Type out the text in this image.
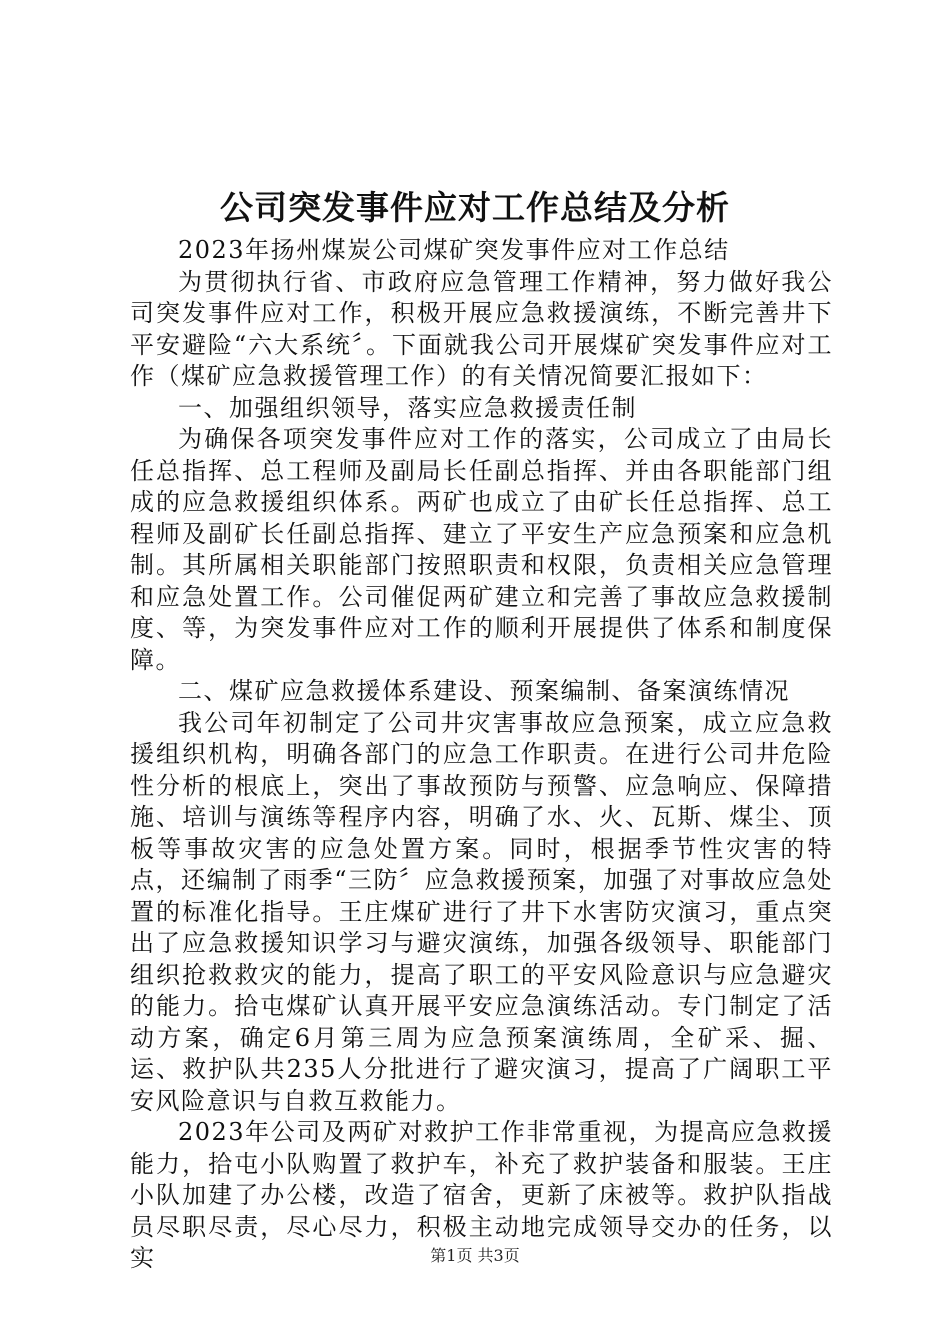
公司突发事件应对工作总结及分析

2023年扬州煤炭公司煤矿突发事件应对工作总结

为贯彻执行省、市政府应急管理工作精神，努力做好我公司突发事件应对工作，积极开展应急救援演练，不断完善井下平安避险“六大系统〞。下面就我公司开展煤矿突发事件应对工作（煤矿应急救援管理工作）的有关情况简要汇报如下：

一、加强组织领导，落实应急救援责任制

为确保各项突发事件应对工作的落实，公司成立了由局长任总指挥、总工程师及副局长任副总指挥、并由各职能部门组成的应急救援组织体系。两矿也成立了由矿长任总指挥、总工程师及副矿长任副总指挥、建立了平安生产应急预案和应急机制。其所属相关职能部门按照职责和权限，负责相关应急管理和应急处置工作。公司催促两矿建立和完善了事故应急救援制度、等，为突发事件应对工作的顺利开展提供了体系和制度保障。

二、煤矿应急救援体系建设、预案编制、备案演练情况

我公司年初制定了公司井灾害事故应急预案，成立应急救援组织机构，明确各部门的应急工作职责。在进行公司井危险性分析的根底上，突出了事故预防与预警、应急响应、保障措施、培训与演练等程序内容，明确了水、火、瓦斯、煤尘、顶板等事故灾害的应急处置方案。同时，根据季节性灾害的特点，还编制了雨季“三防〞应急救援预案，加强了对事故应急处置的标准化指导。王庄煤矿进行了井下水害防灾演习，重点突出了应急救援知识学习与避灾演练，加强各级领导、职能部门组织抢救救灾的能力，提高了职工的平安风险意识与应急避灾的能力。拾屯煤矿认真开展平安应急演练活动。专门制定了活动方案，确定6月第三周为应急预案演练周，全矿采、掘、运、救护队共235人分批进行了避灾演习，提高了广阔职工平安风险意识与自救互救能力。

2023年公司及两矿对救护工作非常重视，为提高应急救援能力，拾屯小队购置了救护车，补充了救护装备和服装。王庄小队加建了办公楼，改造了宿舍，更新了床被等。救护队指战员尽职尽责，尽心尽力，积极主动地完成领导交办的任务，以实	第1页 共3页
